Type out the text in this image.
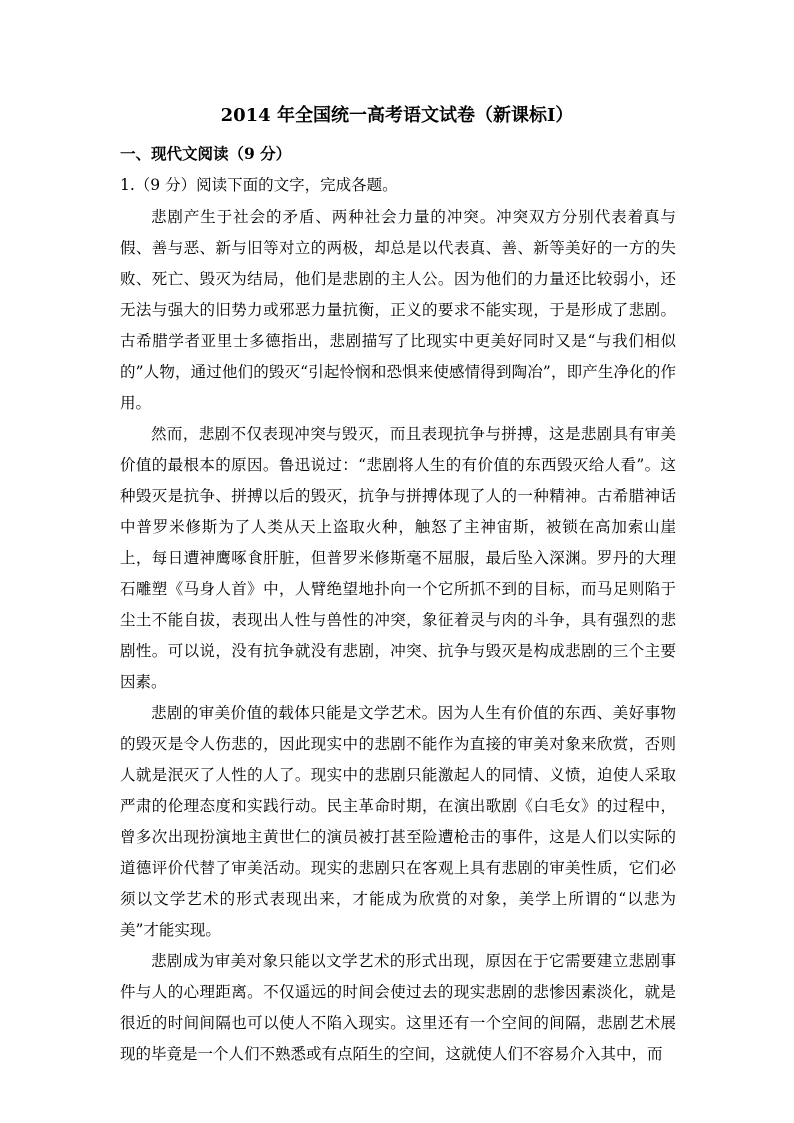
2014 年全国统一高考语文试卷（新课标Ⅰ）
一、现代文阅读（9 分）
1.（9 分）阅读下面的文字，完成各题。

悲剧产生于社会的矛盾、两种社会力量的冲突。冲突双方分别代表着真与假、善与恶、新与旧等对立的两极，却总是以代表真、善、新等美好的一方的失败、死亡、毁灭为结局，他们是悲剧的主人公。因为他们的力量还比较弱小，还无法与强大的旧势力或邪恶力量抗衡，正义的要求不能实现，于是形成了悲剧。古希腊学者亚里士多德指出，悲剧描写了比现实中更美好同时又是“与我们相似的”人物，通过他们的毁灭“引起怜悯和恐惧来使感情得到陶冶”，即产生净化的作用。

然而，悲剧不仅表现冲突与毁灭，而且表现抗争与拼搏，这是悲剧具有审美价值的最根本的原因。鲁迅说过：“悲剧将人生的有价值的东西毁灭给人看”。这种毁灭是抗争、拼搏以后的毁灭，抗争与拼搏体现了人的一种精神。古希腊神话中普罗米修斯为了人类从天上盗取火种，触怒了主神宙斯，被锁在高加索山崖上，每日遭神鹰啄食肝脏，但普罗米修斯毫不屈服，最后坠入深渊。罗丹的大理石雕塑《马身人首》中，人臂绝望地扑向一个它所抓不到的目标，而马足则陷于尘土不能自拔，表现出人性与兽性的冲突，象征着灵与肉的斗争，具有强烈的悲剧性。可以说，没有抗争就没有悲剧，冲突、抗争与毁灭是构成悲剧的三个主要因素。

悲剧的审美价值的载体只能是文学艺术。因为人生有价值的东西、美好事物的毁灭是令人伤悲的，因此现实中的悲剧不能作为直接的审美对象来欣赏，否则人就是泯灭了人性的人了。现实中的悲剧只能激起人的同情、义愤，迫使人采取严肃的伦理态度和实践行动。民主革命时期，在演出歌剧《白毛女》的过程中，曾多次出现扮演地主黄世仁的演员被打甚至险遭枪击的事件，这是人们以实际的道德评价代替了审美活动。现实的悲剧只在客观上具有悲剧的审美性质，它们必须以文学艺术的形式表现出来，才能成为欣赏的对象，美学上所谓的“以悲为美”才能实现。

悲剧成为审美对象只能以文学艺术的形式出现，原因在于它需要建立悲剧事件与人的心理距离。不仅遥远的时间会使过去的现实悲剧的悲惨因素淡化，就是很近的时间间隔也可以使人不陷入现实。这里还有一个空间的间隔，悲剧艺术展现的毕竟是一个人们不熟悉或有点陌生的空间，这就使人们不容易介入其中，而
